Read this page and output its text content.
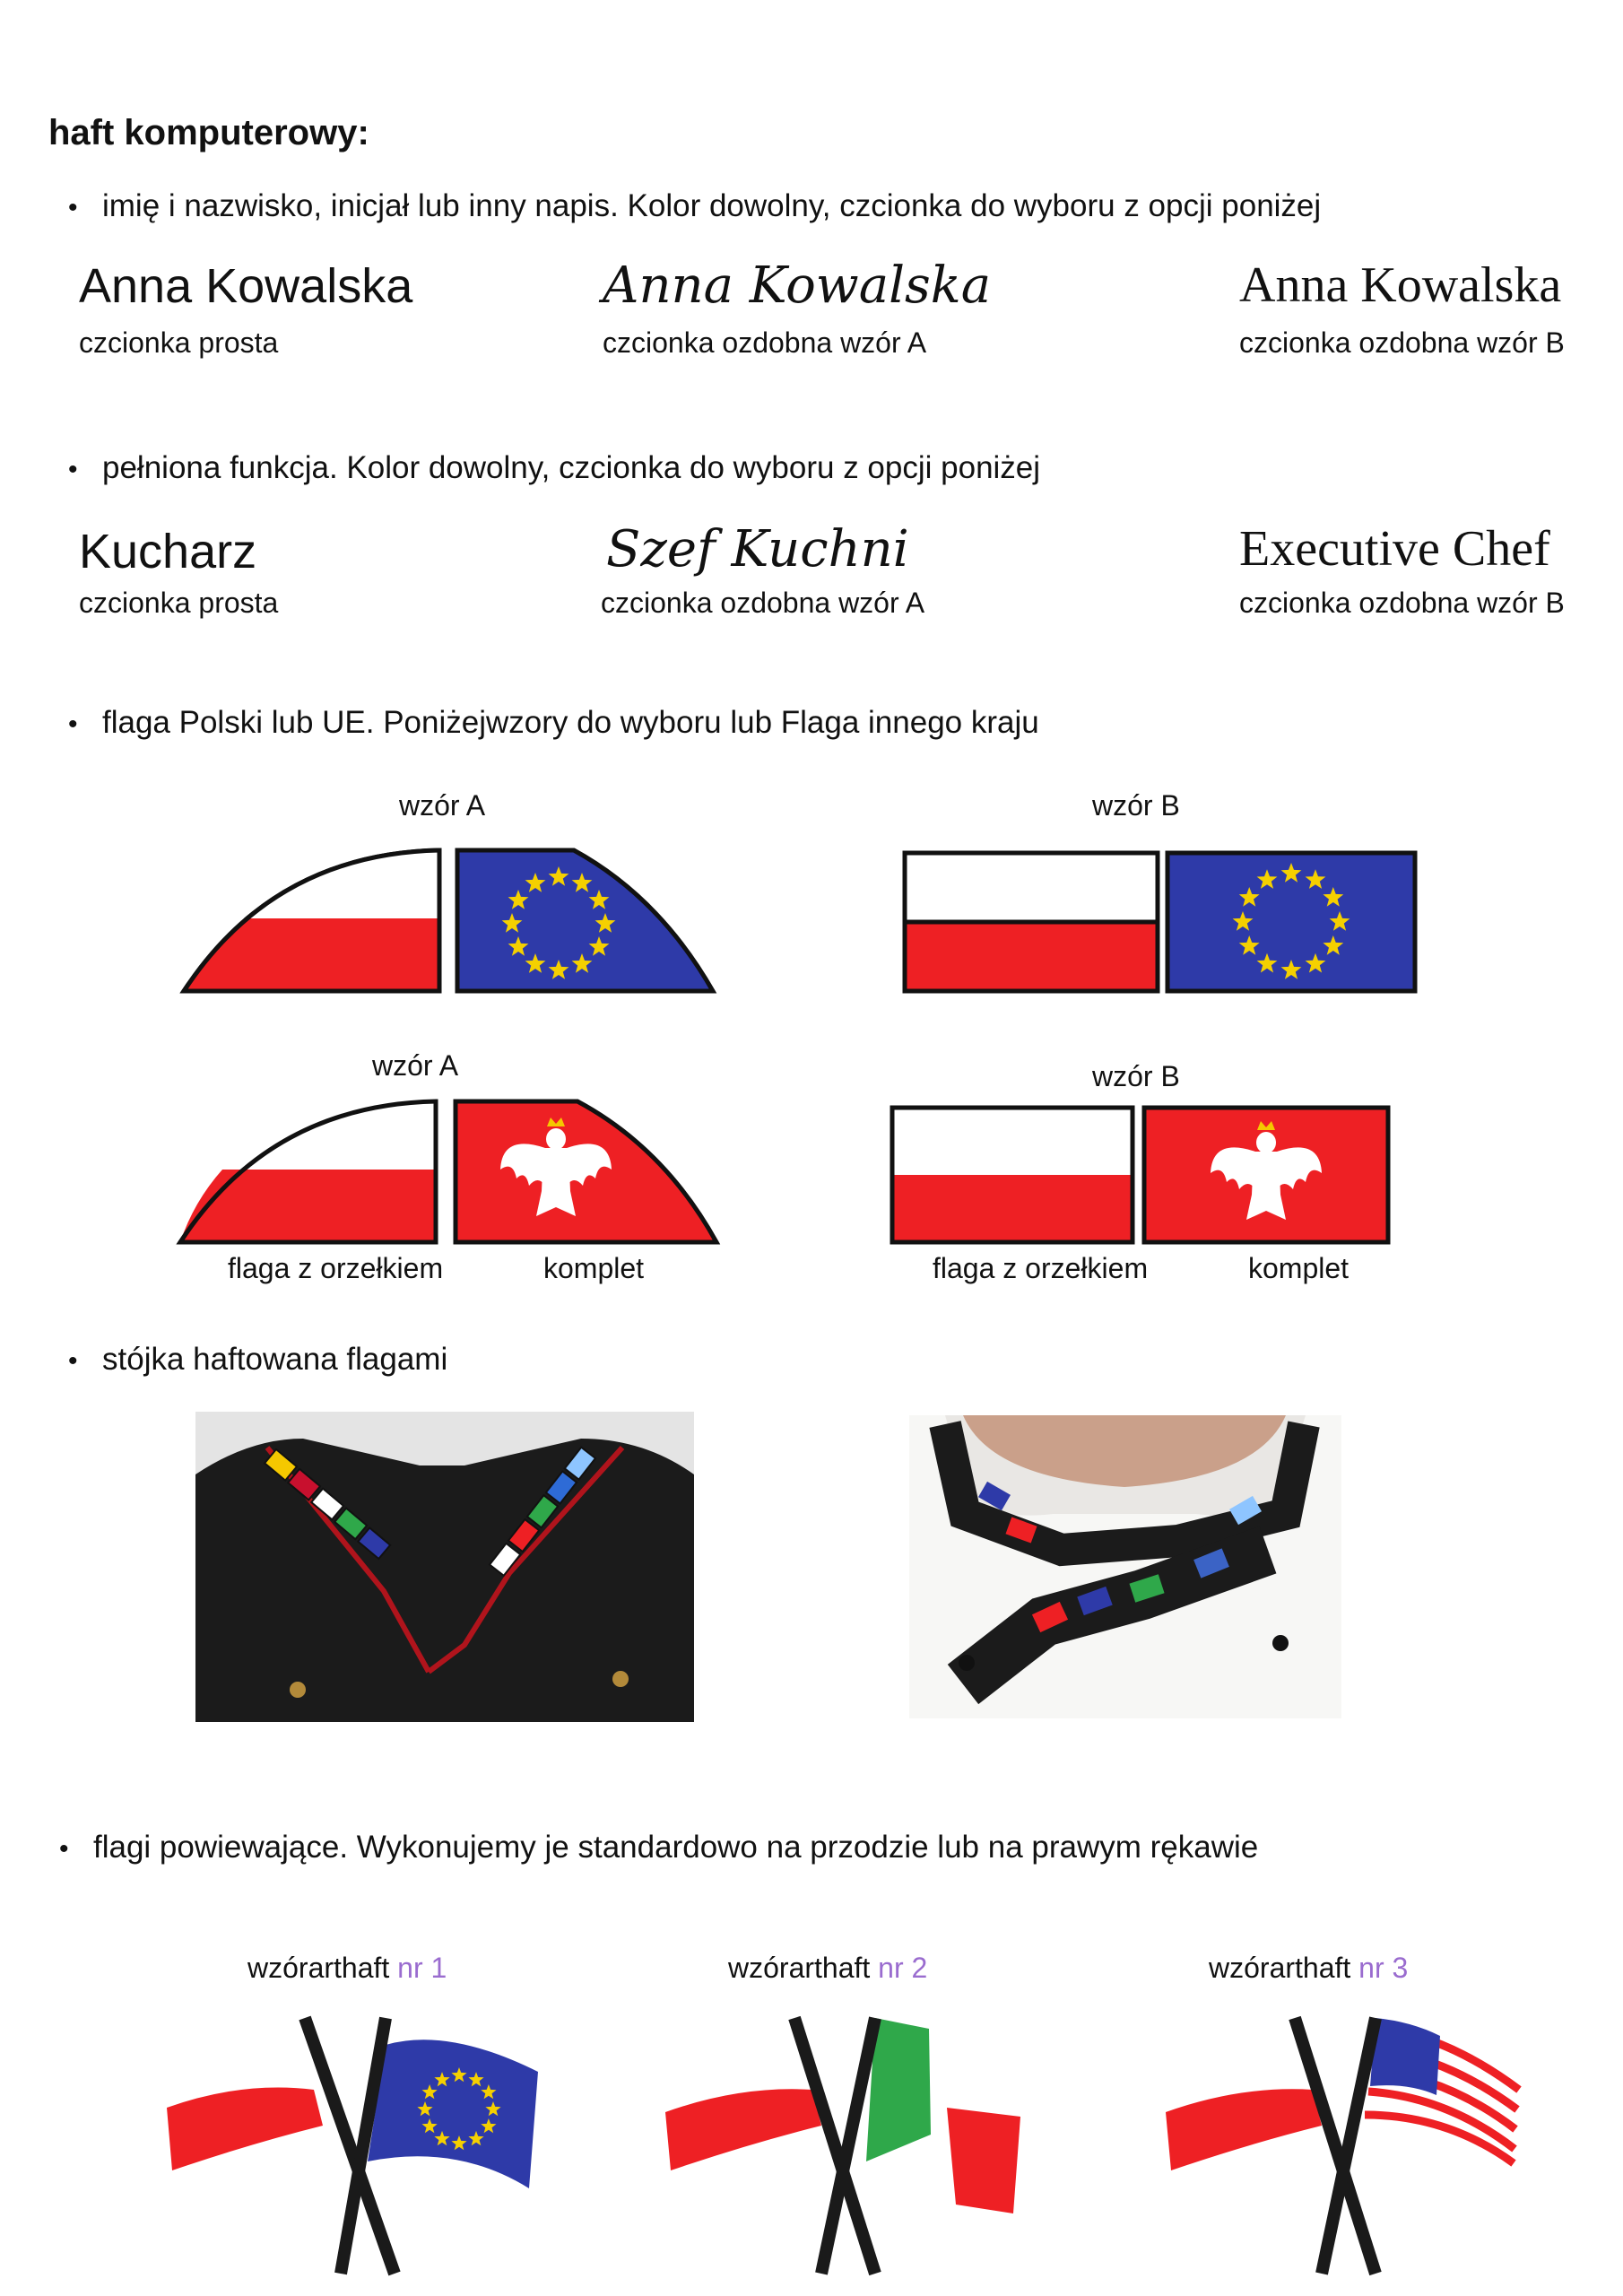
haft komputerowy:
• imię i nazwisko, inicjał lub inny napis. Kolor dowolny, czcionka do wyboru z opcji poniżej
Anna Kowalska
czcionka prosta
Anna Kowalska
czcionka ozdobna wzór A
Anna Kowalska
czcionka ozdobna wzór B
• pełniona funkcja. Kolor dowolny, czcionka do wyboru z opcji poniżej
Kucharz
czcionka prosta
Szef Kuchni
czcionka ozdobna wzór A
Executive Chef
czcionka ozdobna wzór B
• flaga Polski lub UE. Poniżejwzory do wyboru lub Flaga innego kraju
wzór A	wzór B
wzór A	wzór B
flaga z orzełkiem	komplet	flaga z orzełkiem	komplet
• stójka haftowana flagami
• flagi powiewające. Wykonujemy je standardowo na przodzie lub na prawym rękawie
wzórarthaft nr 1	wzórarthaft nr 2	wzórarthaft nr 3
